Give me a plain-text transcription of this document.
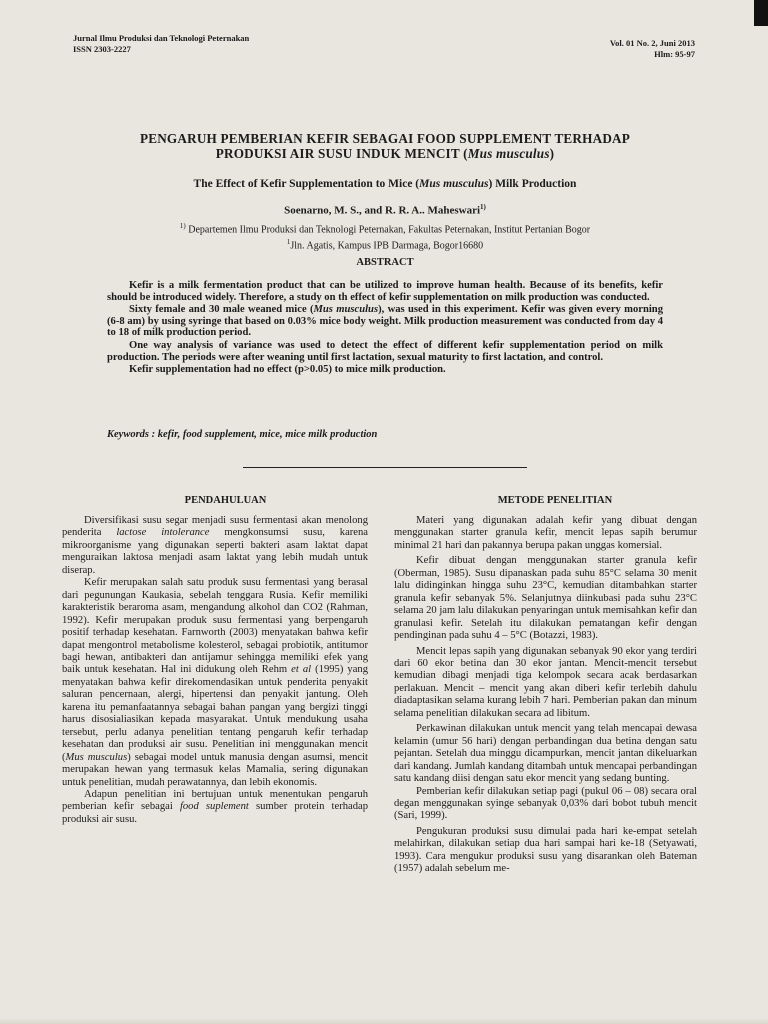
Jurnal Ilmu Produksi dan Teknologi Peternakan
ISSN 2303-2227
Vol. 01 No. 2, Juni 2013
Hlm: 95-97
PENGARUH PEMBERIAN KEFIR SEBAGAI FOOD SUPPLEMENT TERHADAP
PRODUKSI AIR SUSU INDUK MENCIT (Mus musculus)
The Effect of Kefir Supplementation to Mice (Mus musculus) Milk Production
Soenarno, M. S., and R. R. A.. Maheswari$^{1)}$
$^{1)}$ Departemen Ilmu Produksi dan Teknologi Peternakan, Fakultas Peternakan, Institut Pertanian Bogor
$^1$Jln. Agatis, Kampus IPB Darmaga, Bogor16680
ABSTRACT

Kefir is a milk fermentation product that can be utilized to improve human health. Because of its benefits, kefir should be introduced widely. Therefore, a study on th effect of kefir supplementation on milk production was conducted.

Sixty female and 30 male weaned mice (Mus musculus), was used in this experiment. Kefir was given every morning (6-8 am) by using syringe that based on 0.03% mice body weight. Milk production measurement was conducted from day 4 to 18 of milk production period.

One way analysis of variance was used to detect the effect of different kefir supplementation period on milk production. The periods were after weaning until first lactation, sexual maturity to first lactation, and control.

Kefir supplementation had no effect (p>0.05) to mice milk production.

Keywords : kefir, food supplement, mice, mice milk production
PENDAHULUAN	METODE PENELITIAN

Diversifikasi susu segar menjadi susu fermentasi akan menolong penderita lactose intolerance mengkonsumsi susu, karena mikroorganisme yang digunakan seperti bakteri asam laktat dapat menguraikan laktosa menjadi asam laktat yang lebih mudah untuk diserap.

Kefir merupakan salah satu produk susu fermentasi yang berasal dari pegunungan Kaukasia, sebelah tenggara Rusia. Kefir memiliki karakteristik beraroma asam, mengandung alkohol dan CO2 (Rahman, 1992). Kefir merupakan produk susu fermentasi yang berpengaruh positif terhadap kesehatan. Farnworth (2003) menyatakan bahwa kefir dapat mengontrol metabolisme kolesterol, sebagai probiotik, antitumor bagi hewan, antibakteri dan antijamur sehingga memiliki efek yang baik untuk kesehatan. Hal ini didukung oleh Rehm et al (1995) yang menyatakan bahwa kefir direkomendasikan untuk penderita penyakit saluran pencernaan, alergi, hipertensi dan penyakit jantung. Oleh karena itu pemanfaatannya sebagai bahan pangan yang bergizi tinggi harus disosialiasikan kepada masyarakat. Untuk mendukung usaha tersebut, perlu adanya penelitian tentang pengaruh kefir terhadap kesehatan dan produksi air susu. Penelitian ini menggunakan mencit (Mus musculus) sebagai model untuk manusia dengan asumsi, mencit merupakan hewan yang termasuk kelas Mamalia, sering digunakan untuk penelitian, mudah perawatannya, dan lebih ekonomis.

Adapun penelitian ini bertujuan untuk menentukan pengaruh pemberian kefir sebagai food suplement sumber protein terhadap produksi air susu.

Materi yang digunakan adalah kefir yang dibuat dengan menggunakan starter granula kefir, mencit lepas sapih berumur minimal 21 hari dan pakannya berupa pakan unggas komersial.

Kefir dibuat dengan menggunakan starter granula kefir (Oberman, 1985). Susu dipanaskan pada suhu 85°C selama 30 menit lalu didinginkan hingga suhu 23°C, kemudian ditambahkan starter granula kefir sebanyak 5%. Selanjutnya diinkubasi pada suhu 23°C selama 20 jam lalu dilakukan penyaringan untuk memisahkan kefir dan granulasi kefir. Setelah itu dilakukan pematangan kefir dengan pendinginan pada suhu 4 – 5°C (Botazzi, 1983).

Mencit lepas sapih yang digunakan sebanyak 90 ekor yang terdiri dari 60 ekor betina dan 30 ekor jantan. Mencit-mencit tersebut kemudian dibagi menjadi tiga kelompok secara acak berdasarkan perlakuan. Mencit – mencit yang akan diberi kefir terlebih dahulu diadaptasikan selama kurang lebih 7 hari. Pemberian pakan dan minum selama penelitian dilakukan secara ad libitum.

Perkawinan dilakukan untuk mencit yang telah mencapai dewasa kelamin (umur 56 hari) dengan perbandingan dua betina dengan satu pejantan. Setelah dua minggu dicampurkan, mencit jantan dikeluarkan dari kandang. Jumlah kandang ditambah untuk mencapai perbandingan satu kandang diisi dengan satu ekor mencit yang sedang bunting.

Pemberian kefir dilakukan setiap pagi (pukul 06 – 08) secara oral degan menggunakan syinge sebanyak 0,03% dari bobot tubuh mencit (Sari, 1999).

Pengukuran produksi susu dimulai pada hari ke-empat setelah melahirkan, dilakukan setiap dua hari sampai hari ke-18 (Setyawati, 1993). Cara mengukur produksi susu yang disarankan oleh Bateman (1957) adalah sebelum me-
